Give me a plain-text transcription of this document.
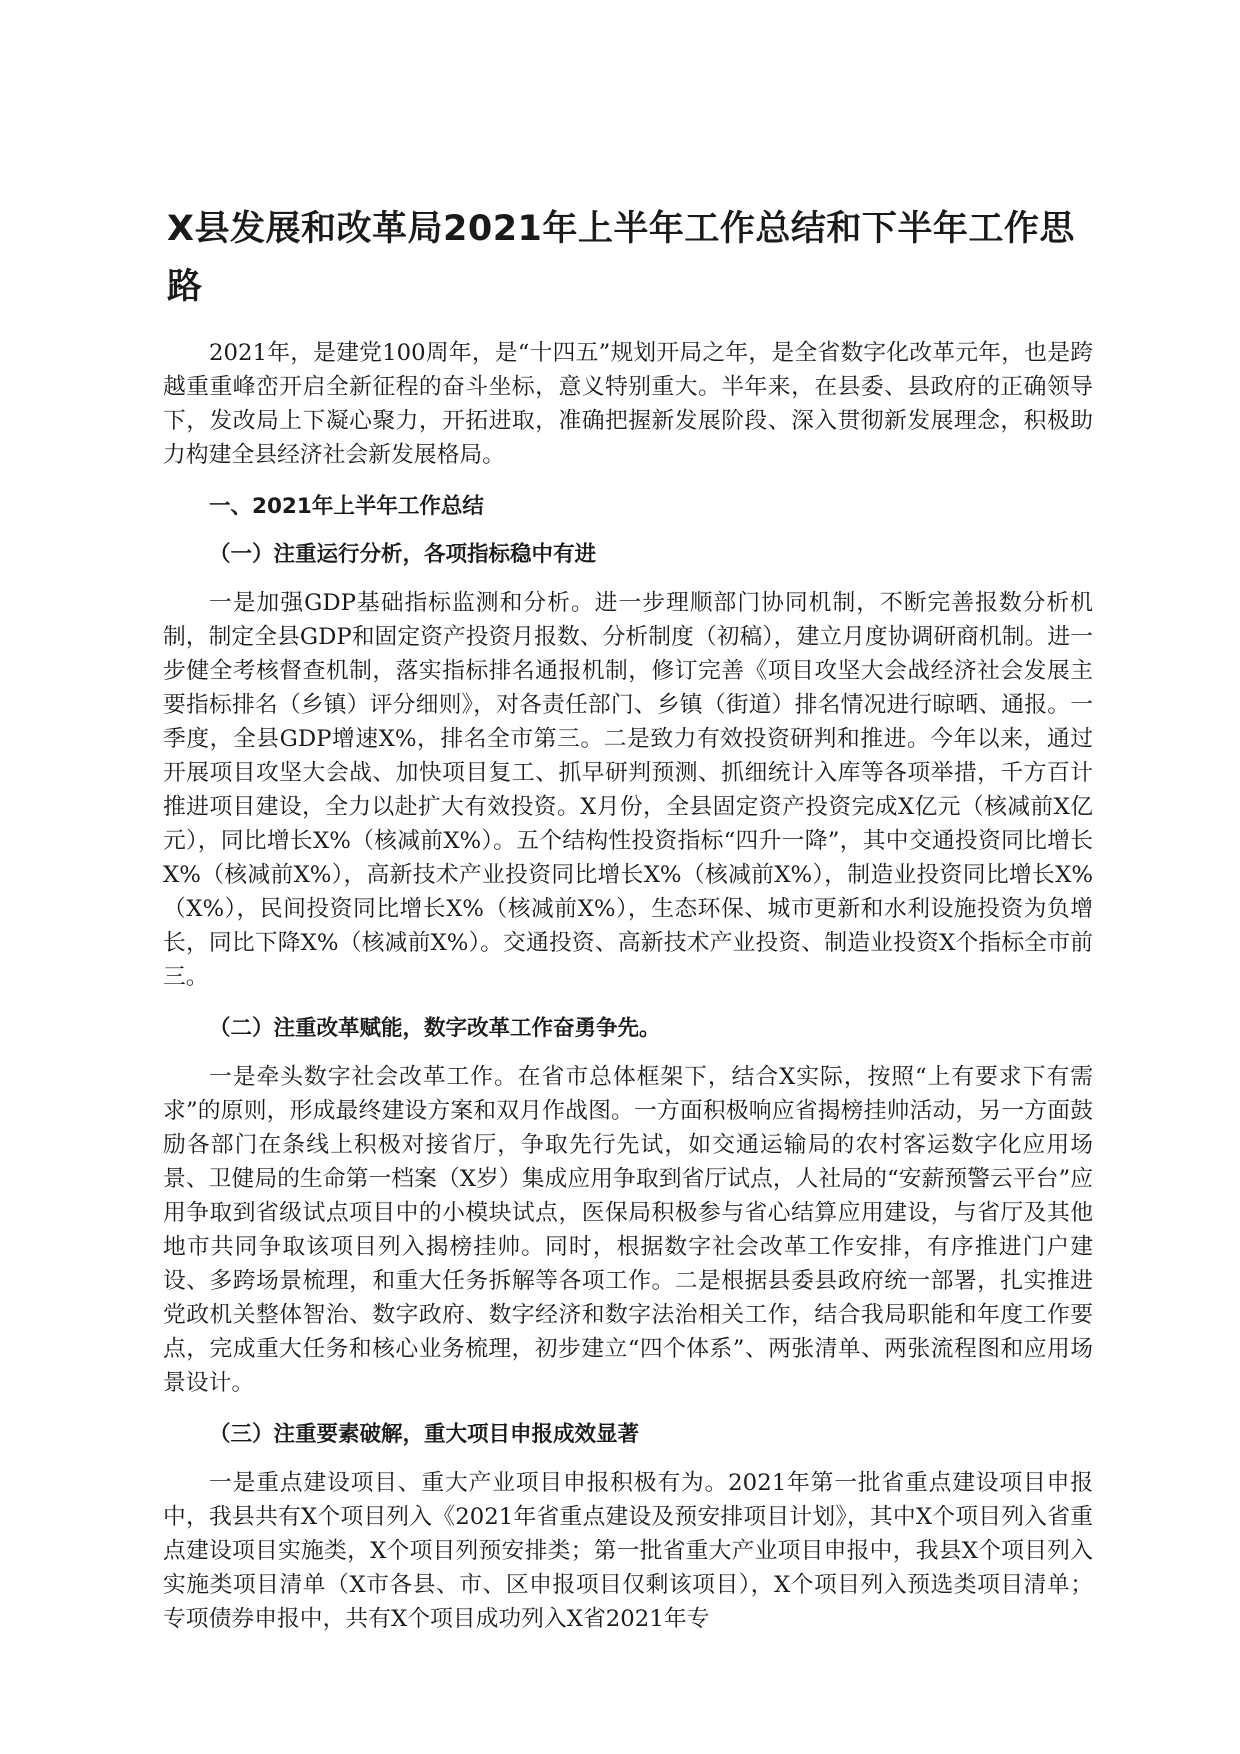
X县发展和改革局2021年上半年工作总结和下半年工作思路

2021年，是建党100周年，是“十四五”规划开局之年，是全省数字化改革元年，也是跨越重重峰峦开启全新征程的奋斗坐标，意义特别重大。半年来，在县委、县政府的正确领导下，发改局上下凝心聚力，开拓进取，准确把握新发展阶段、深入贯彻新发展理念，积极助力构建全县经济社会新发展格局。

一、2021年上半年工作总结

（一）注重运行分析，各项指标稳中有进

一是加强GDP基础指标监测和分析。进一步理顺部门协同机制，不断完善报数分析机制，制定全县GDP和固定资产投资月报数、分析制度（初稿），建立月度协调研商机制。进一步健全考核督查机制，落实指标排名通报机制，修订完善《项目攻坚大会战经济社会发展主要指标排名（乡镇）评分细则》，对各责任部门、乡镇（街道）排名情况进行晾晒、通报。一季度，全县GDP增速X%，排名全市第三。二是致力有效投资研判和推进。今年以来，通过开展项目攻坚大会战、加快项目复工、抓早研判预测、抓细统计入库等各项举措，千方百计推进项目建设，全力以赴扩大有效投资。X月份，全县固定资产投资完成X亿元（核减前X亿元），同比增长X%（核减前X%）。五个结构性投资指标“四升一降”，其中交通投资同比增长X%（核减前X%），高新技术产业投资同比增长X%（核减前X%），制造业投资同比增长X%（X%），民间投资同比增长X%（核减前X%），生态环保、城市更新和水利设施投资为负增长，同比下降X%（核减前X%）。交通投资、高新技术产业投资、制造业投资X个指标全市前三。

（二）注重改革赋能，数字改革工作奋勇争先。

一是牵头数字社会改革工作。在省市总体框架下，结合X实际，按照“上有要求下有需求”的原则，形成最终建设方案和双月作战图。一方面积极响应省揭榜挂帅活动，另一方面鼓励各部门在条线上积极对接省厅，争取先行先试，如交通运输局的农村客运数字化应用场景、卫健局的生命第一档案（X岁）集成应用争取到省厅试点，人社局的“安薪预警云平台”应用争取到省级试点项目中的小模块试点，医保局积极参与省心结算应用建设，与省厅及其他地市共同争取该项目列入揭榜挂帅。同时，根据数字社会改革工作安排，有序推进门户建设、多跨场景梳理，和重大任务拆解等各项工作。二是根据县委县政府统一部署，扎实推进党政机关整体智治、数字政府、数字经济和数字法治相关工作，结合我局职能和年度工作要点，完成重大任务和核心业务梳理，初步建立“四个体系”、两张清单、两张流程图和应用场景设计。

（三）注重要素破解，重大项目申报成效显著

一是重点建设项目、重大产业项目申报积极有为。2021年第一批省重点建设项目申报中，我县共有X个项目列入《2021年省重点建设及预安排项目计划》，其中X个项目列入省重点建设项目实施类，X个项目列预安排类；第一批省重大产业项目申报中，我县X个项目列入实施类项目清单（X市各县、市、区申报项目仅剩该项目），X个项目列入预选类项目清单；专项债券申报中，共有X个项目成功列入X省2021年专
